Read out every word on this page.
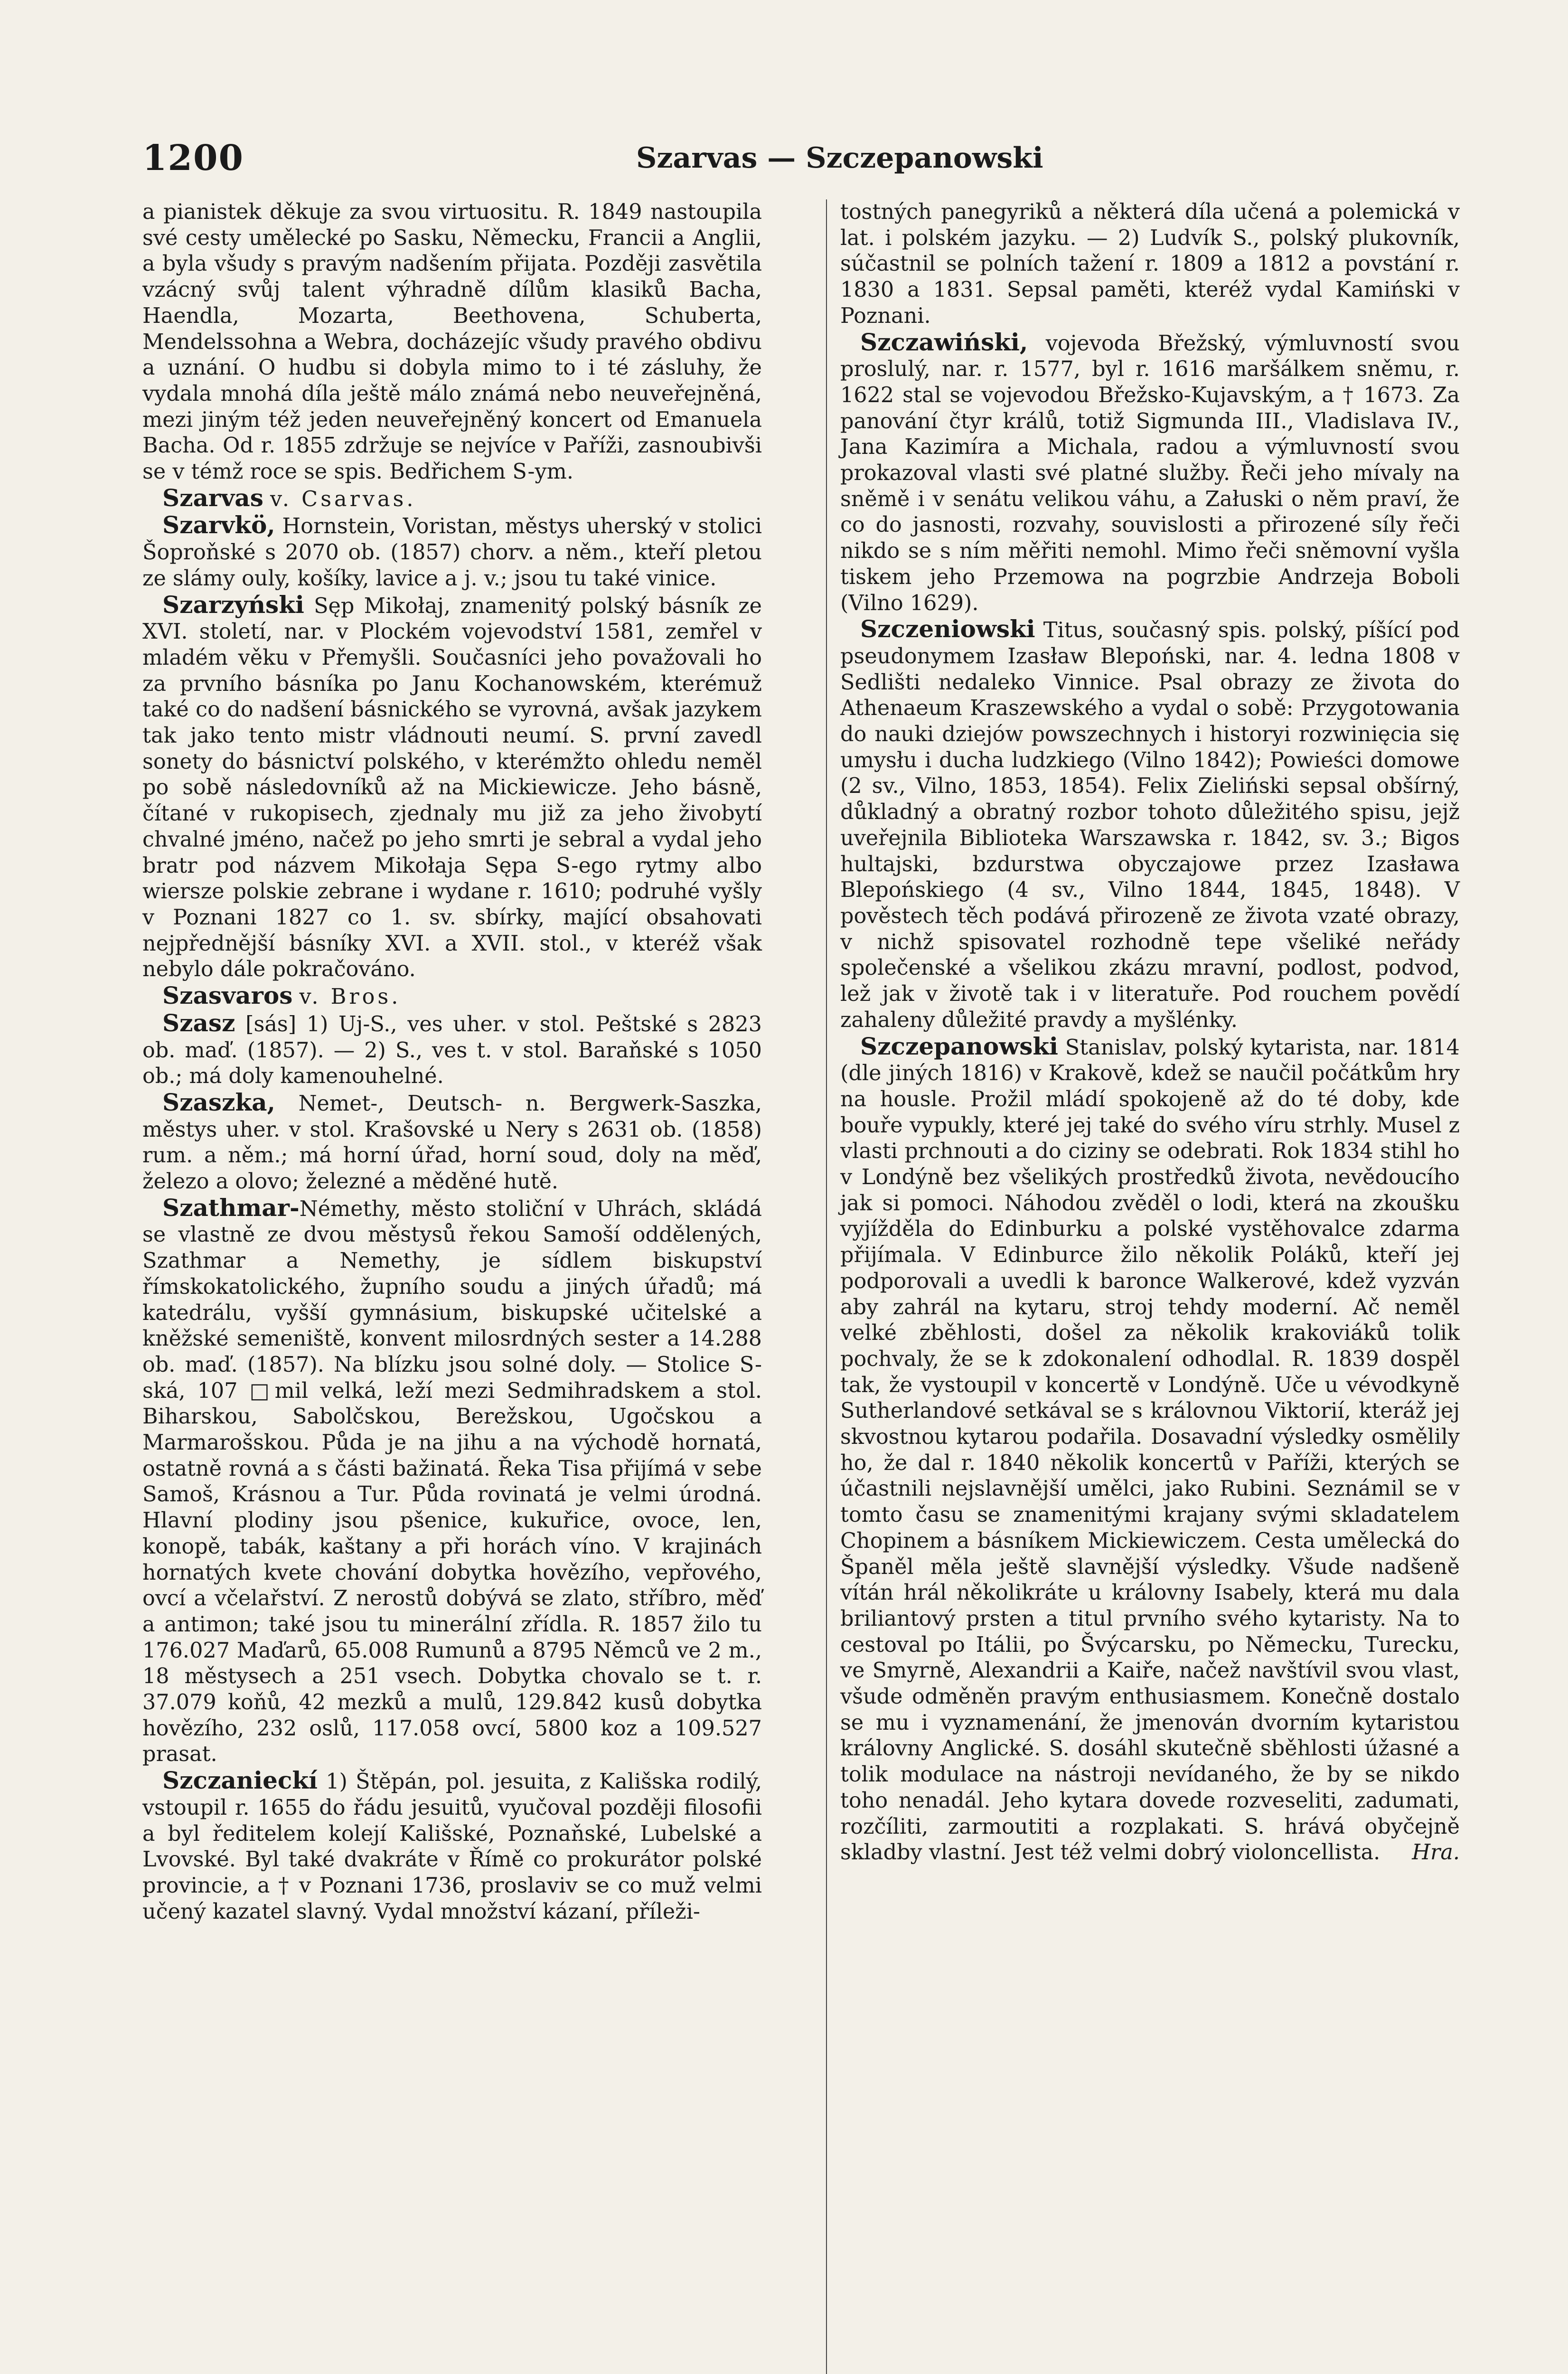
1200	Szarvas — Szczepanowski

a pianistek děkuje za svou virtuositu. R. 1849 nastoupila své cesty umělecké po Sasku, Německu, Francii a Anglii, a byla všudy s pravým nadšením přijata. Později zasvětila vzácný svůj talent výhradně dílům klasiků Bacha, Haendla, Mozarta, Beethovena, Schuberta, Mendelssohna a Webra, docházejíc všudy pravého obdivu a uznání. O hudbu si dobyla mimo to i té zásluhy, že vydala mnohá díla ještě málo známá nebo neuveřejněná, mezi jiným též jeden neuveřejněný koncert od Emanuela Bacha. Od r. 1855 zdržuje se nejvíce v Paříži, zasnoubivši se v témž roce se spis. Bedřichem S-ym.

Szarvas v. Csarvas.

Szarvkö, Hornstein, Voristan, městys uherský v stolici Šoproňské s 2070 ob. (1857) chorv. a něm., kteří pletou ze slámy ouly, košíky, lavice a j. v.; jsou tu také vinice.

Szarzyński Sęp Mikołaj, znamenitý polský básník ze XVI. století, nar. v Plockém vojevodství 1581, zemřel v mladém věku v Přemyšli. Současníci jeho považovali ho za prvního básníka po Janu Kochanowském, kterémuž také co do nadšení básnického se vyrovná, avšak jazykem tak jako tento mistr vládnouti neumí. S. první zavedl sonety do básnictví polského, v kterémžto ohledu neměl po sobě následovníků až na Mickiewicze. Jeho básně, čítané v rukopisech, zjednaly mu již za jeho živobytí chvalné jméno, načež po jeho smrti je sebral a vydal jeho bratr pod názvem Mikołaja Sępa S-ego rytmy albo wiersze polskie zebrane i wydane r. 1610; podruhé vyšly v Poznani 1827 co 1. sv. sbírky, mající obsahovati nejpřednější básníky XVI. a XVII. stol., v kteréž však nebylo dále pokračováno.

Szasvaros v. Bros.

Szasz [sás] 1) Uj-S., ves uher. v stol. Peštské s 2823 ob. maď. (1857). — 2) S., ves t. v stol. Baraňské s 1050 ob.; má doly kamenouhelné.

Szaszka, Nemet-, Deutsch- n. Bergwerk-Saszka, městys uher. v stol. Krašovské u Nery s 2631 ob. (1858) rum. a něm.; má horní úřad, horní soud, doly na měď, železo a olovo; železné a měděné hutě.

Szathmar-Némethy, město stoliční v Uhrách, skládá se vlastně ze dvou městysů řekou Samoší oddělených, Szathmar a Nemethy, je sídlem biskupství římskokatolického, župního soudu a jiných úřadů; má katedrálu, vyšší gymnásium, biskupské učitelské a kněžské semeniště, konvent milosrdných sester a 14.288 ob. maď. (1857). Na blízku jsou solné doly. — Stolice S-ská, 107 □mil velká, leží mezi Sedmihradskem a stol. Biharskou, Sabolčskou, Berežskou, Ugočskou a Marmarošskou. Půda je na jihu a na východě hornatá, ostatně rovná a s části bažinatá. Řeka Tisa přijímá v sebe Samoš, Krásnou a Tur. Půda rovinatá je velmi úrodná. Hlavní plodiny jsou pšenice, kukuřice, ovoce, len, konopě, tabák, kaštany a při horách víno. V krajinách hornatých kvete chování dobytka hovězího, vepřového, ovcí a včelařství. Z nerostů dobývá se zlato, stříbro, měď a antimon; také jsou tu minerální zřídla. R. 1857 žilo tu 176.027 Maďarů, 65.008 Rumunů a 8795 Němců ve 2 m., 18 městysech a 251 vsech. Dobytka chovalo se t. r. 37.079 koňů, 42 mezků a mulů, 129.842 kusů dobytka hovězího, 232 oslů, 117.058 ovcí, 5800 koz a 109.527 prasat.

Szczanieckí 1) Štěpán, pol. jesuita, z Kališska rodilý, vstoupil r. 1655 do řádu jesuitů, vyučoval později filosofii a byl ředitelem kolejí Kališské, Poznaňské, Lubelské a Lvovské. Byl také dvakráte v Římě co prokurátor polské provincie, a † v Poznani 1736, proslaviv se co muž velmi učený kazatel slavný. Vydal množství kázaní, příleži-

tostných panegyriků a některá díla učená a polemická v lat. i polském jazyku. — 2) Ludvík S., polský plukovník, súčastnil se polních tažení r. 1809 a 1812 a povstání r. 1830 a 1831. Sepsal paměti, kteréž vydal Kamiński v Poznani.

Szczawiński, vojevoda Břežský, výmluvností svou proslulý, nar. r. 1577, byl r. 1616 maršálkem sněmu, r. 1622 stal se vojevodou Břežsko-Kujavským, a † 1673. Za panování čtyr králů, totiž Sigmunda III., Vladislava IV., Jana Kazimíra a Michala, radou a výmluvností svou prokazoval vlasti své platné služby. Řeči jeho mívaly na sněmě i v senátu velikou váhu, a Załuski o něm praví, že co do jasnosti, rozvahy, souvislosti a přirozené síly řeči nikdo se s ním měřiti nemohl. Mimo řeči sněmovní vyšla tiskem jeho Przemowa na pogrzbie Andrzeja Boboli (Vilno 1629).

Szczeniowski Titus, současný spis. polský, píšící pod pseudonymem Izasław Blepoński, nar. 4. ledna 1808 v Sedlišti nedaleko Vinnice. Psal obrazy ze života do Athenaeum Kraszewského a vydal o sobě: Przygotowania do nauki dziejów powszechnych i historyi rozwinięcia się umysłu i ducha ludzkiego (Vilno 1842); Powieści domowe (2 sv., Vilno, 1853, 1854). Felix Zieliński sepsal obšírný, důkladný a obratný rozbor tohoto důležitého spisu, jejž uveřejnila Biblioteka Warszawska r. 1842, sv. 3.; Bigos hultajski, bzdurstwa obyczajowe przez Izasława Blepońskiego (4 sv., Vilno 1844, 1845, 1848). V pověstech těch podává přirozeně ze života vzaté obrazy, v nichž spisovatel rozhodně tepe všeliké neřády společenské a všelikou zkázu mravní, podlost, podvod, lež jak v životě tak i v literatuře. Pod rouchem povědí zahaleny důležité pravdy a myšlénky.

Szczepanowski Stanislav, polský kytarista, nar. 1814 (dle jiných 1816) v Krakově, kdež se naučil počátkům hry na housle. Prožil mládí spokojeně až do té doby, kde bouře vypukly, které jej také do svého víru strhly. Musel z vlasti prchnouti a do ciziny se odebrati. Rok 1834 stihl ho v Londýně bez všelikých prostředků života, nevědoucího jak si pomoci. Náhodou zvěděl o lodi, která na zkoušku vyjížděla do Edinburku a polské vystěhovalce zdarma přijímala. V Edinburce žilo několik Poláků, kteří jej podporovali a uvedli k baronce Walkerové, kdež vyzván aby zahrál na kytaru, stroj tehdy moderní. Ač neměl velké zběhlosti, došel za několik krakoviáků tolik pochvaly, že se k zdokonalení odhodlal. R. 1839 dospěl tak, že vystoupil v koncertě v Londýně. Uče u vévodkyně Sutherlandové setkával se s královnou Viktorií, kteráž jej skvostnou kytarou podařila. Dosavadní výsledky osmělily ho, že dal r. 1840 několik koncertů v Paříži, kterých se účastnili nejslavnější umělci, jako Rubini. Seznámil se v tomto času se znamenitými krajany svými skladatelem Chopinem a básníkem Mickiewiczem. Cesta umělecká do Španěl měla ještě slavnější výsledky. Všude nadšeně vítán hrál několikráte u královny Isabely, která mu dala briliantový prsten a titul prvního svého kytaristy. Na to cestoval po Itálii, po Švýcarsku, po Německu, Turecku, ve Smyrně, Alexandrii a Kaiře, načež navštívil svou vlast, všude odměněn pravým enthusiasmem. Konečně dostalo se mu i vyznamenání, že jmenován dvorním kytaristou královny Anglické. S. dosáhl skutečně sběhlosti úžasné a tolik modulace na nástroji nevídaného, že by se nikdo toho nenadál. Jeho kytara dovede rozveseliti, zadumati, rozčíliti, zarmoutiti a rozplakati. S. hrává obyčejně skladby vlastní. Jest též velmi dobrý violoncellista.	Hra.
